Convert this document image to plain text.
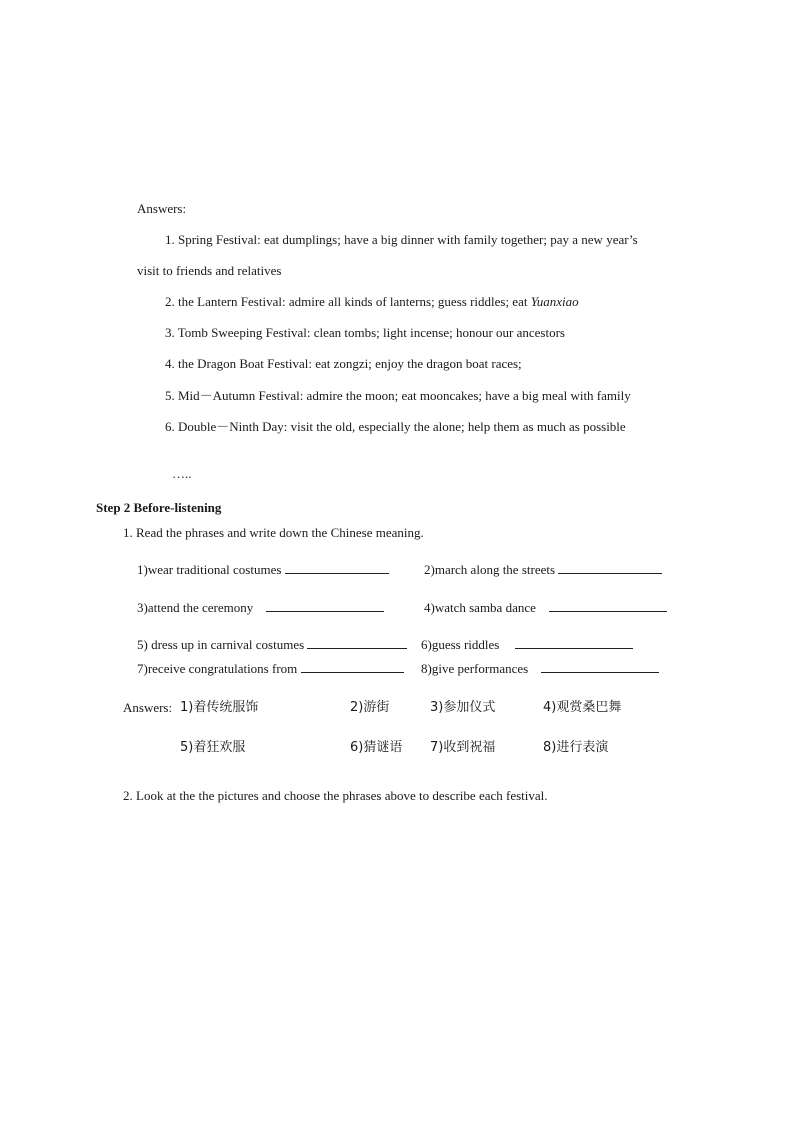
Answers:
1. Spring Festival: eat dumplings; have a big dinner with family together; pay a new year’s
visit to friends and relatives
2. the Lantern Festival: admire all kinds of lanterns; guess riddles; eat Yuanxiao
3. Tomb Sweeping Festival: clean tombs; light incense; honour our ancestors
4. the Dragon Boat Festival: eat zongzi; enjoy the dragon boat races;
5. Mid－Autumn Festival: admire the moon; eat mooncakes; have a big meal with family
6. Double－Ninth Day: visit the old, especially the alone; help them as much as possible
…..
Step 2 Before-listening
1. Read the phrases and write down the Chinese meaning.
1)wear traditional costumes	2)march along the streets
3)attend the ceremony	4)watch samba dance
5) dress up in carnival costumes	6)guess riddles
7)receive congratulations from	8)give performances
Answers: 1)着传统服饰	2)游街	3)参加仪式	4)观赏桑巴舞
5)着狂欢服	6)猜谜语 7)收到祝福	8)进行表演
2. Look at the the pictures and choose the phrases above to describe each festival.
